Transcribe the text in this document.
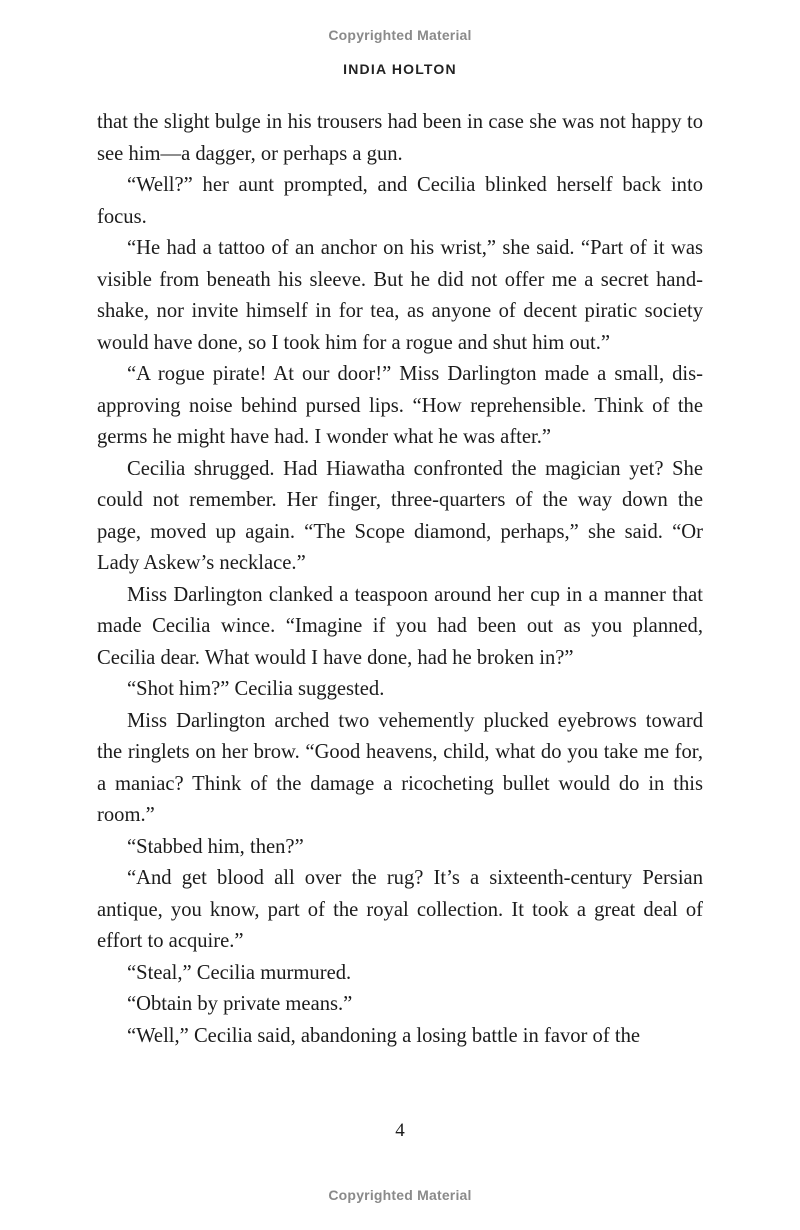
Copyrighted Material
INDIA HOLTON

that the slight bulge in his trousers had been in case she was not happy to see him—a dagger, or perhaps a gun.

“Well?” her aunt prompted, and Cecilia blinked herself back into focus.

“He had a tattoo of an anchor on his wrist,” she said. “Part of it was visible from beneath his sleeve. But he did not offer me a secret handshake, nor invite himself in for tea, as anyone of decent piratic society would have done, so I took him for a rogue and shut him out.”

“A rogue pirate! At our door!” Miss Darlington made a small, disapproving noise behind pursed lips. “How reprehensible. Think of the germs he might have had. I wonder what he was after.”

Cecilia shrugged. Had Hiawatha confronted the magician yet? She could not remember. Her finger, three-quarters of the way down the page, moved up again. “The Scope diamond, perhaps,” she said. “Or Lady Askew’s necklace.”

Miss Darlington clanked a teaspoon around her cup in a manner that made Cecilia wince. “Imagine if you had been out as you planned, Cecilia dear. What would I have done, had he broken in?”

“Shot him?” Cecilia suggested.

Miss Darlington arched two vehemently plucked eyebrows toward the ringlets on her brow. “Good heavens, child, what do you take me for, a maniac? Think of the damage a ricocheting bullet would do in this room.”

“Stabbed him, then?”

“And get blood all over the rug? It’s a sixteenth-century Persian antique, you know, part of the royal collection. It took a great deal of effort to acquire.”

“Steal,” Cecilia murmured.

“Obtain by private means.”

“Well,” Cecilia said, abandoning a losing battle in favor of the

4
Copyrighted Material
